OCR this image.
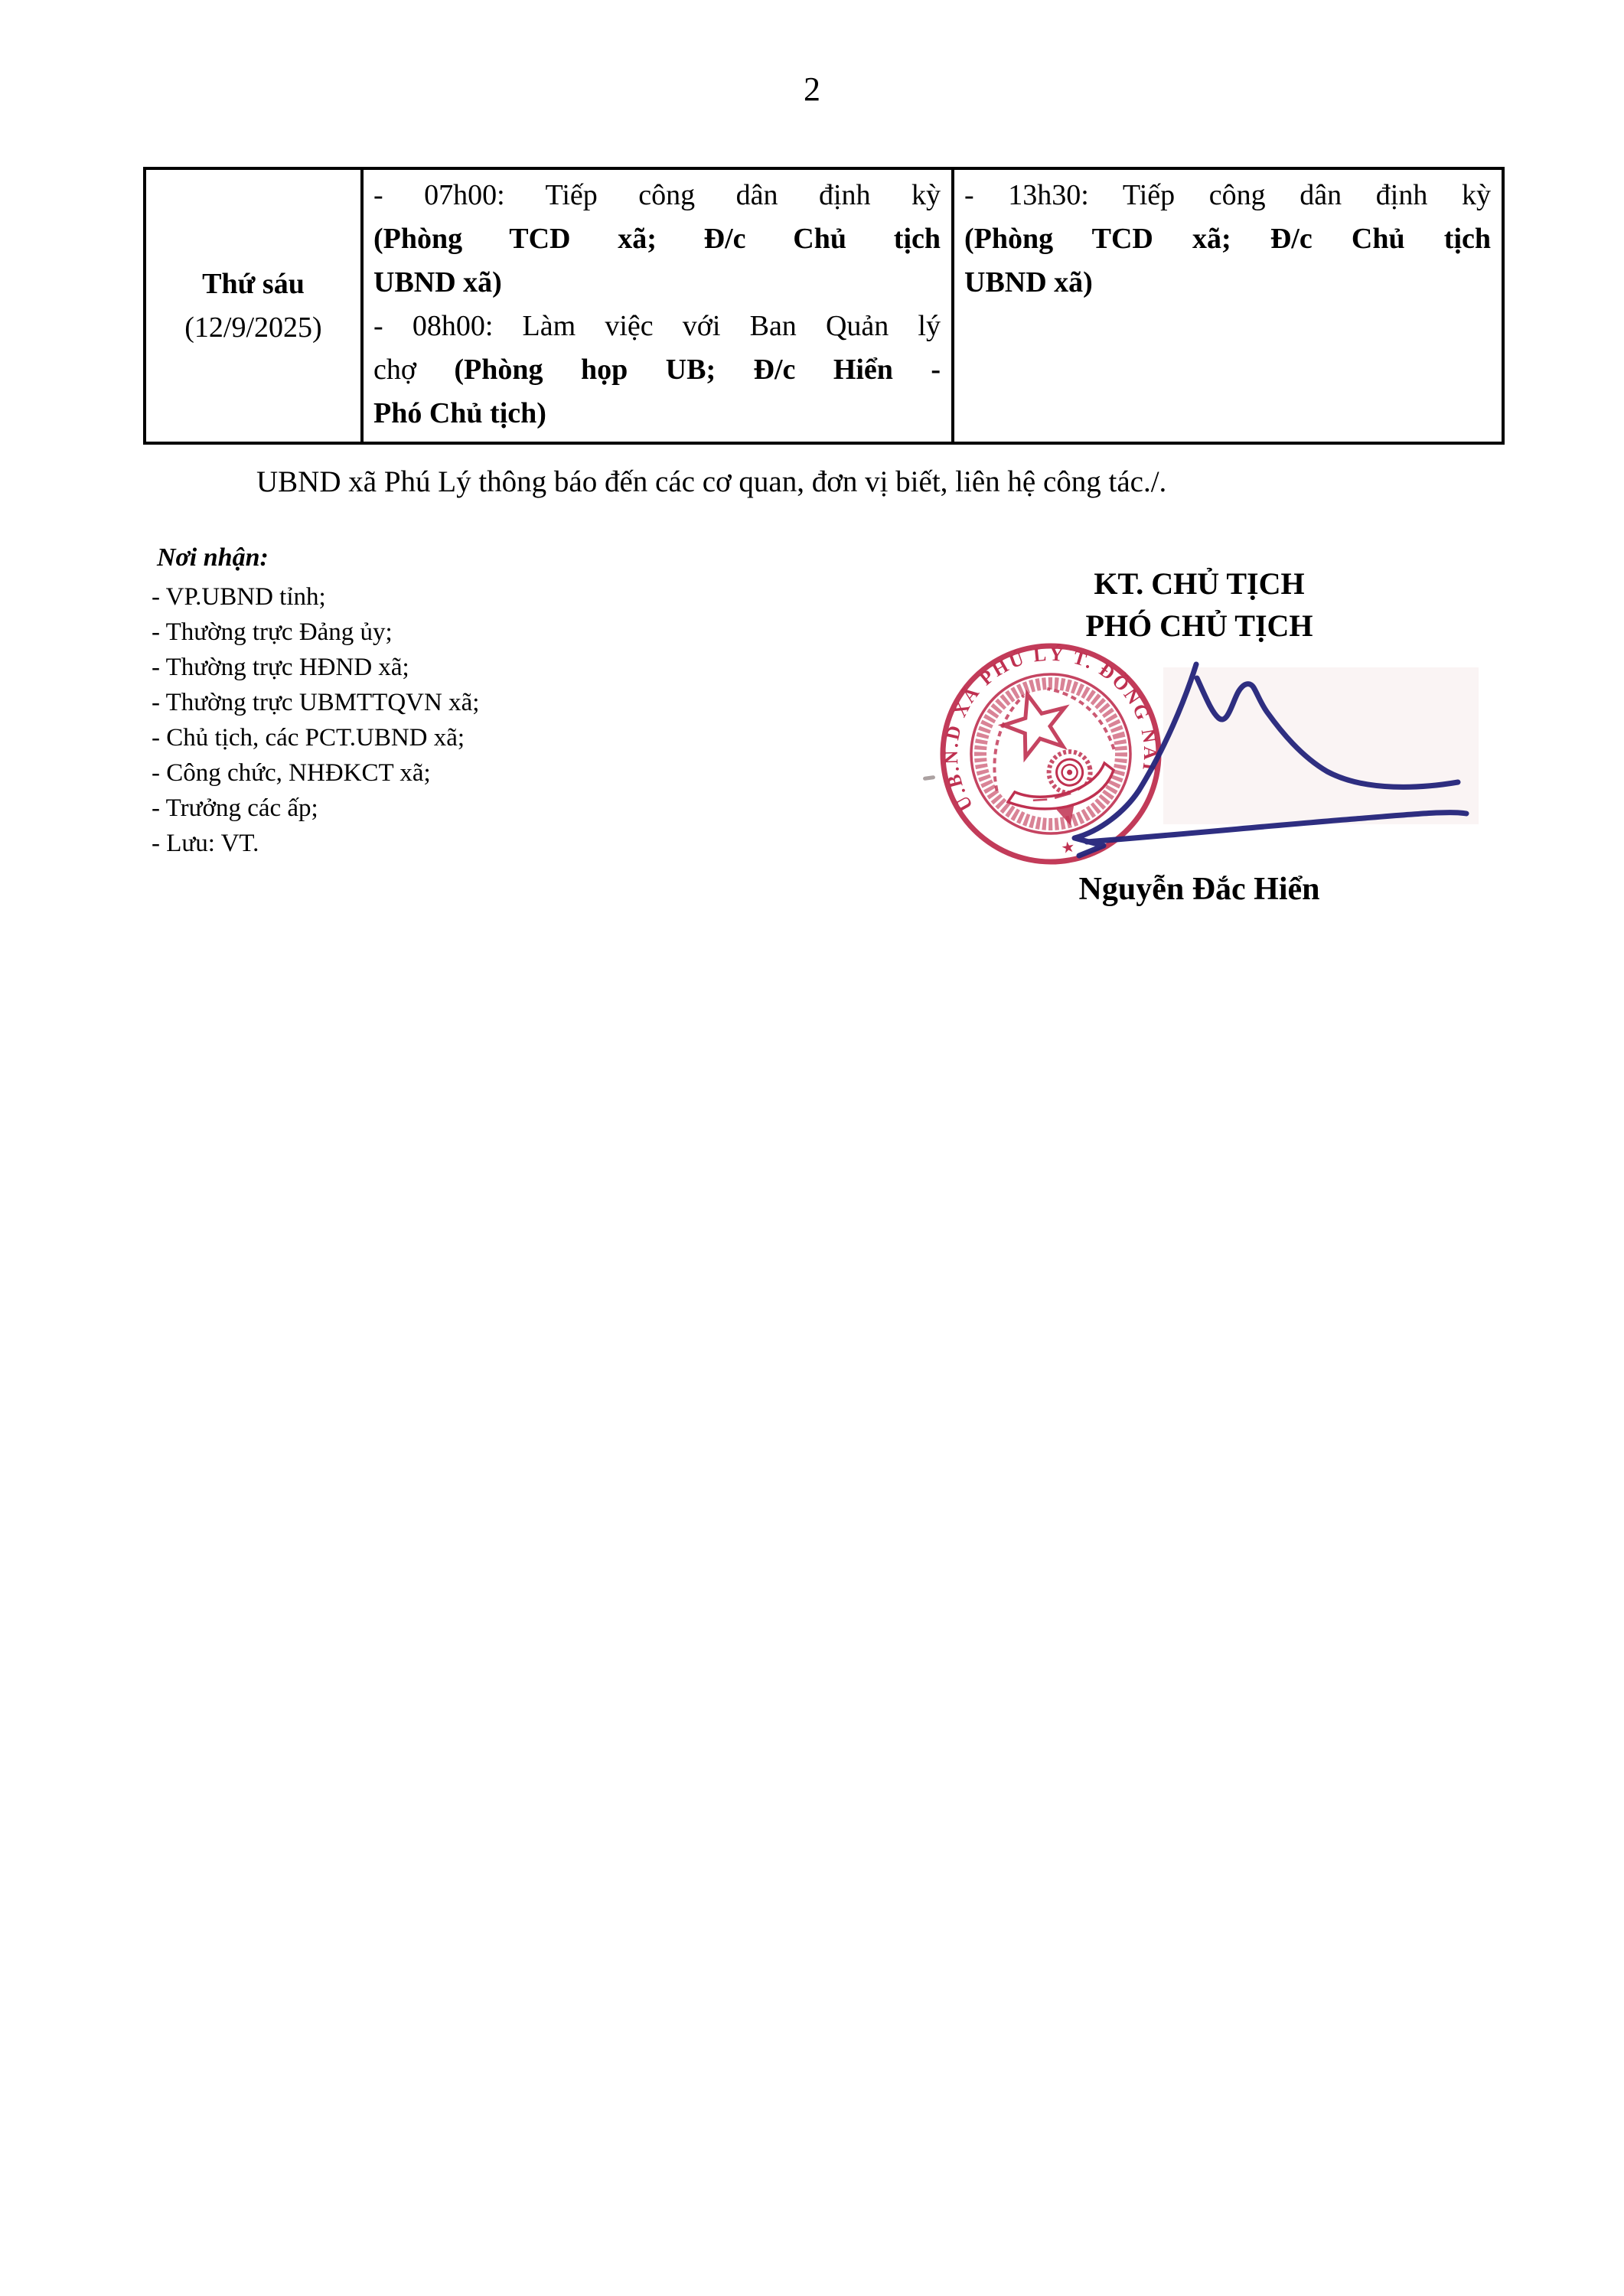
2
Thứ sáu
(12/9/2025)
- 07h00: Tiếp công dân định kỳ
(Phòng TCD xã; Đ/c Chủ tịch
UBND xã)
- 08h00: Làm việc với Ban Quản lý
chợ (Phòng họp UB; Đ/c Hiển -
Phó Chủ tịch)
- 13h30: Tiếp công dân định kỳ
(Phòng TCD xã; Đ/c Chủ tịch
UBND xã)
UBND xã Phú Lý thông báo đến các cơ quan, đơn vị biết, liên hệ công tác./.
Nơi nhận:
- VP.UBND tỉnh;
- Thường trực Đảng ủy;
- Thường trực HĐND xã;
- Thường trực UBMTTQVN xã;
- Chủ tịch, các PCT.UBND xã;
- Công chức, NHĐKCT xã;
- Trưởng các ấp;
- Lưu: VT.
KT. CHỦ TỊCH
PHÓ CHỦ TỊCH
U.B.N.D XÃ PHÚ LÝ T. ĐỒNG NAI
★
Nguyễn Đắc Hiển
